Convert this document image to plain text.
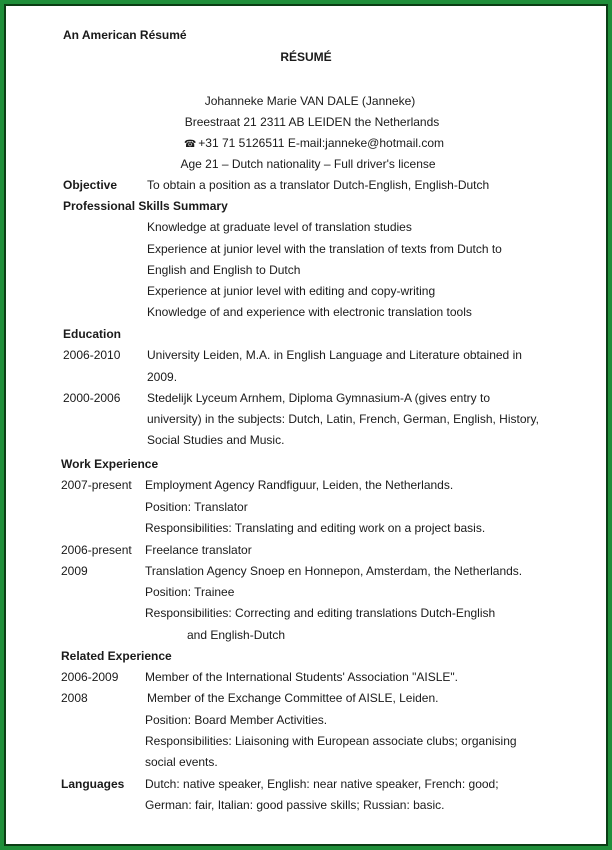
An American Résumé
RÉSUMÉ
Johanneke Marie VAN DALE (Janneke)
Breestraat 21 2311 AB LEIDEN the Netherlands
☎ +31 71 5126511 E-mail:janneke@hotmail.com
Age 21 – Dutch nationality – Full driver's license
Objective To obtain a position as a translator Dutch-English, English-Dutch
Professional Skills Summary
Knowledge at graduate level of translation studies
Experience at junior level with the translation of texts from Dutch to
English and English to Dutch
Experience at junior level with editing and copy-writing
Knowledge of and experience with electronic translation tools
Education
2006-2010 University Leiden, M.A. in English Language and Literature obtained in
2009.
2000-2006 Stedelijk Lyceum Arnhem, Diploma Gymnasium-A (gives entry to
university) in the subjects: Dutch, Latin, French, German, English, History,
Social Studies and Music.
Work Experience
2007-present Employment Agency Randfiguur, Leiden, the Netherlands.
Position: Translator
Responsibilities: Translating and editing work on a project basis.
2006-present Freelance translator
2009	Translation Agency Snoep en Honnepon, Amsterdam, the Netherlands.
Position: Trainee
Responsibilities: Correcting and editing translations Dutch-English
and English-Dutch
Related Experience
2006-2009 Member of the International Students' Association "AISLE".
2008	Member of the Exchange Committee of AISLE, Leiden.
Position: Board Member Activities.
Responsibilities: Liaisoning with European associate clubs; organising
social events.
Languages Dutch: native speaker, English: near native speaker, French: good;
German: fair, Italian: good passive skills; Russian: basic.
